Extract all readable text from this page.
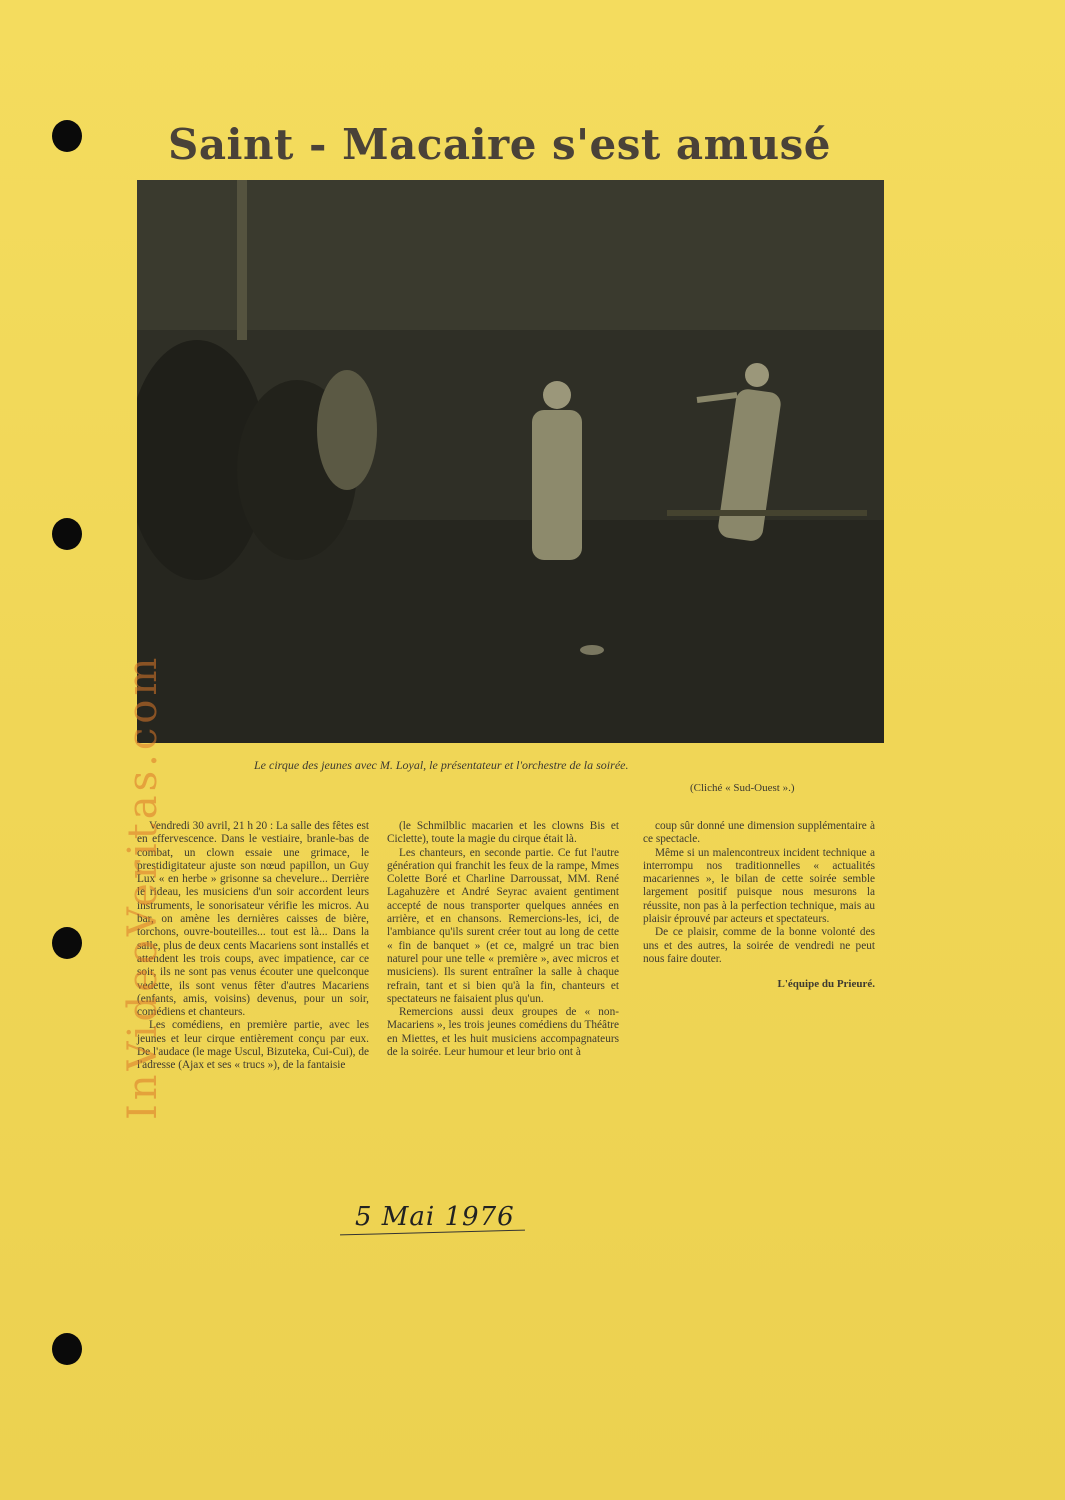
Saint - Macaire s'est amusé

Le cirque des jeunes avec M. Loyal, le présentateur et l'orchestre de la soirée.

(Cliché « Sud-Ouest ».)

Vendredi 30 avril, 21 h 20 : La salle des fêtes est en effervescence. Dans le vestiaire, branle-bas de combat, un clown essaie une grimace, le prestidigitateur ajuste son nœud papillon, un Guy Lux « en herbe » grisonne sa chevelure... Derrière le rideau, les musiciens d'un soir accordent leurs instruments, le sonorisateur vérifie les micros. Au bar, on amène les dernières caisses de bière, torchons, ouvre-bouteilles... tout est là... Dans la salle, plus de deux cents Macariens sont installés et attendent les trois coups, avec impatience, car ce soir, ils ne sont pas venus écouter une quelconque vedette, ils sont venus fêter d'autres Macariens (enfants, amis, voisins) devenus, pour un soir, comédiens et chanteurs.

Les comédiens, en première partie, avec les jeunes et leur cirque entièrement conçu par eux. De l'audace (le mage Uscul, Bizuteka, Cui-Cui), de l'adresse (Ajax et ses « trucs »), de la fantaisie

(le Schmilblic macarien et les clowns Bis et Ciclette), toute la magie du cirque était là.

Les chanteurs, en seconde partie. Ce fut l'autre génération qui franchit les feux de la rampe, Mmes Colette Boré et Charline Darroussat, MM. René Lagahuzère et André Seyrac avaient gentiment accepté de nous transporter quelques années en arrière, et en chansons. Remercions-les, ici, de l'ambiance qu'ils surent créer tout au long de cette « fin de banquet » (et ce, malgré un trac bien naturel pour une telle « première », avec micros et musiciens). Ils surent entraîner la salle à chaque refrain, tant et si bien qu'à la fin, chanteurs et spectateurs ne faisaient plus qu'un.

Remercions aussi deux groupes de « non-Macariens », les trois jeunes comédiens du Théâtre en Miettes, et les huit musiciens accompagnateurs de la soirée. Leur humour et leur brio ont à

coup sûr donné une dimension supplémentaire à ce spectacle.

Même si un malencontreux incident technique a interrompu nos traditionnelles « actualités macariennes », le bilan de cette soirée semble largement positif puisque nous mesurons la réussite, non pas à la perfection technique, mais au plaisir éprouvé par acteurs et spectateurs.

De ce plaisir, comme de la bonne volonté des uns et des autres, la soirée de vendredi ne peut nous faire douter.

L'équipe du Prieuré.

5 Mai 1976
InVideoVeritas.com
